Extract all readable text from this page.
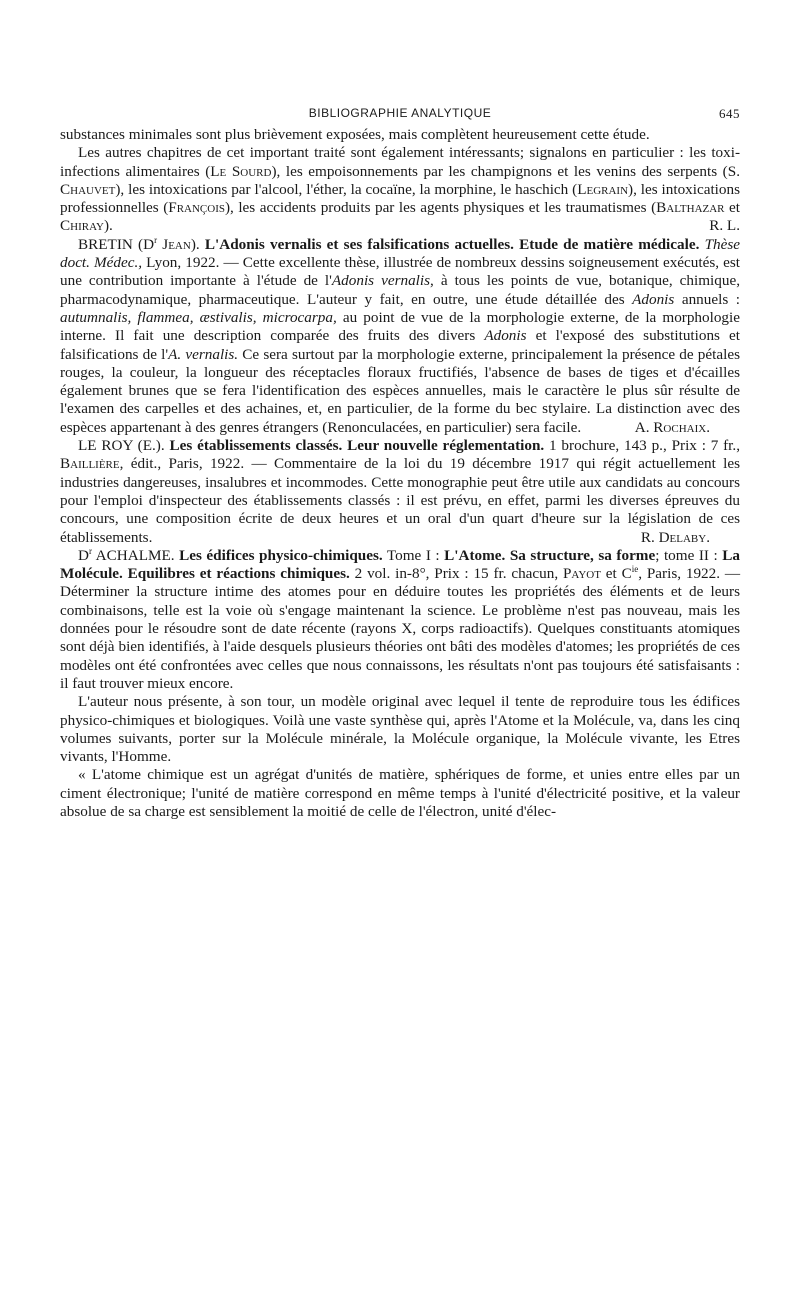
BIBLIOGRAPHIE ANALYTIQUE	645

substances minimales sont plus brièvement exposées, mais complètent heureusement cette étude.

Les autres chapitres de cet important traité sont également intéressants; signalons en particulier : les toxi-infections alimentaires (Le Sourd), les empoisonnements par les champignons et les venins des serpents (S. Chauvet), les intoxications par l'alcool, l'éther, la cocaïne, la morphine, le haschich (Legrain), les intoxications professionnelles (François), les accidents produits par les agents physiques et les traumatismes (Balthazar et Chiray).	R. L.

BRETIN ($D^r$ Jean). L'Adonis vernalis et ses falsifications actuelles. Etude de matière médicale. Thèse doct. Médec., Lyon, 1922. — Cette excellente thèse, illustrée de nombreux dessins soigneusement exécutés, est une contribution importante à l'étude de l'Adonis vernalis, à tous les points de vue, botanique, chimique, pharmacodynamique, pharmaceutique. L'auteur y fait, en outre, une étude détaillée des Adonis annuels : autumnalis, flammea, æstivalis, microcarpa, au point de vue de la morphologie externe, de la morphologie interne. Il fait une description comparée des fruits des divers Adonis et l'exposé des substitutions et falsifications de l'A. vernalis. Ce sera surtout par la morphologie externe, principalement la présence de pétales rouges, la couleur, la longueur des réceptacles floraux fructifiés, l'absence de bases de tiges et d'écailles également brunes que se fera l'identification des espèces annuelles, mais le caractère le plus sûr résulte de l'examen des carpelles et des achaines, et, en particulier, de la forme du bec stylaire. La distinction avec des espèces appartenant à des genres étrangers (Renonculacées, en particulier) sera facile.	A. Rochaix.

LE ROY (E.). Les établissements classés. Leur nouvelle réglementation. 1 brochure, 143 p., Prix : 7 fr., Baillière, édit., Paris, 1922. — Commentaire de la loi du 19 décembre 1917 qui régit actuellement les industries dangereuses, insalubres et incommodes. Cette monographie peut être utile aux candidats au concours pour l'emploi d'inspecteur des établissements classés : il est prévu, en effet, parmi les diverses épreuves du concours, une composition écrite de deux heures et un oral d'un quart d'heure sur la législation de ces établissements.	R. Delaby.

$D^r$ ACHALME. Les édifices physico-chimiques. Tome I : L'Atome. Sa structure, sa forme; tome II : La Molécule. Equilibres et réactions chimiques. 2 vol. in-8°, Prix : 15 fr. chacun, Payot et $C^{ie}$, Paris, 1922. — Déterminer la structure intime des atomes pour en déduire toutes les propriétés des éléments et de leurs combinaisons, telle est la voie où s'engage maintenant la science. Le problème n'est pas nouveau, mais les données pour le résoudre sont de date récente (rayons X, corps radioactifs). Quelques constituants atomiques sont déjà bien identifiés, à l'aide desquels plusieurs théories ont bâti des modèles d'atomes; les propriétés de ces modèles ont été confrontées avec celles que nous connaissons, les résultats n'ont pas toujours été satisfaisants : il faut trouver mieux encore.

L'auteur nous présente, à son tour, un modèle original avec lequel il tente de reproduire tous les édifices physico-chimiques et biologiques. Voilà une vaste synthèse qui, après l'Atome et la Molécule, va, dans les cinq volumes suivants, porter sur la Molécule minérale, la Molécule organique, la Molécule vivante, les Etres vivants, l'Homme.

« L'atome chimique est un agrégat d'unités de matière, sphériques de forme, et unies entre elles par un ciment électronique; l'unité de matière correspond en même temps à l'unité d'électricité positive, et la valeur absolue de sa charge est sensiblement la moitié de celle de l'électron, unité d'élec-
